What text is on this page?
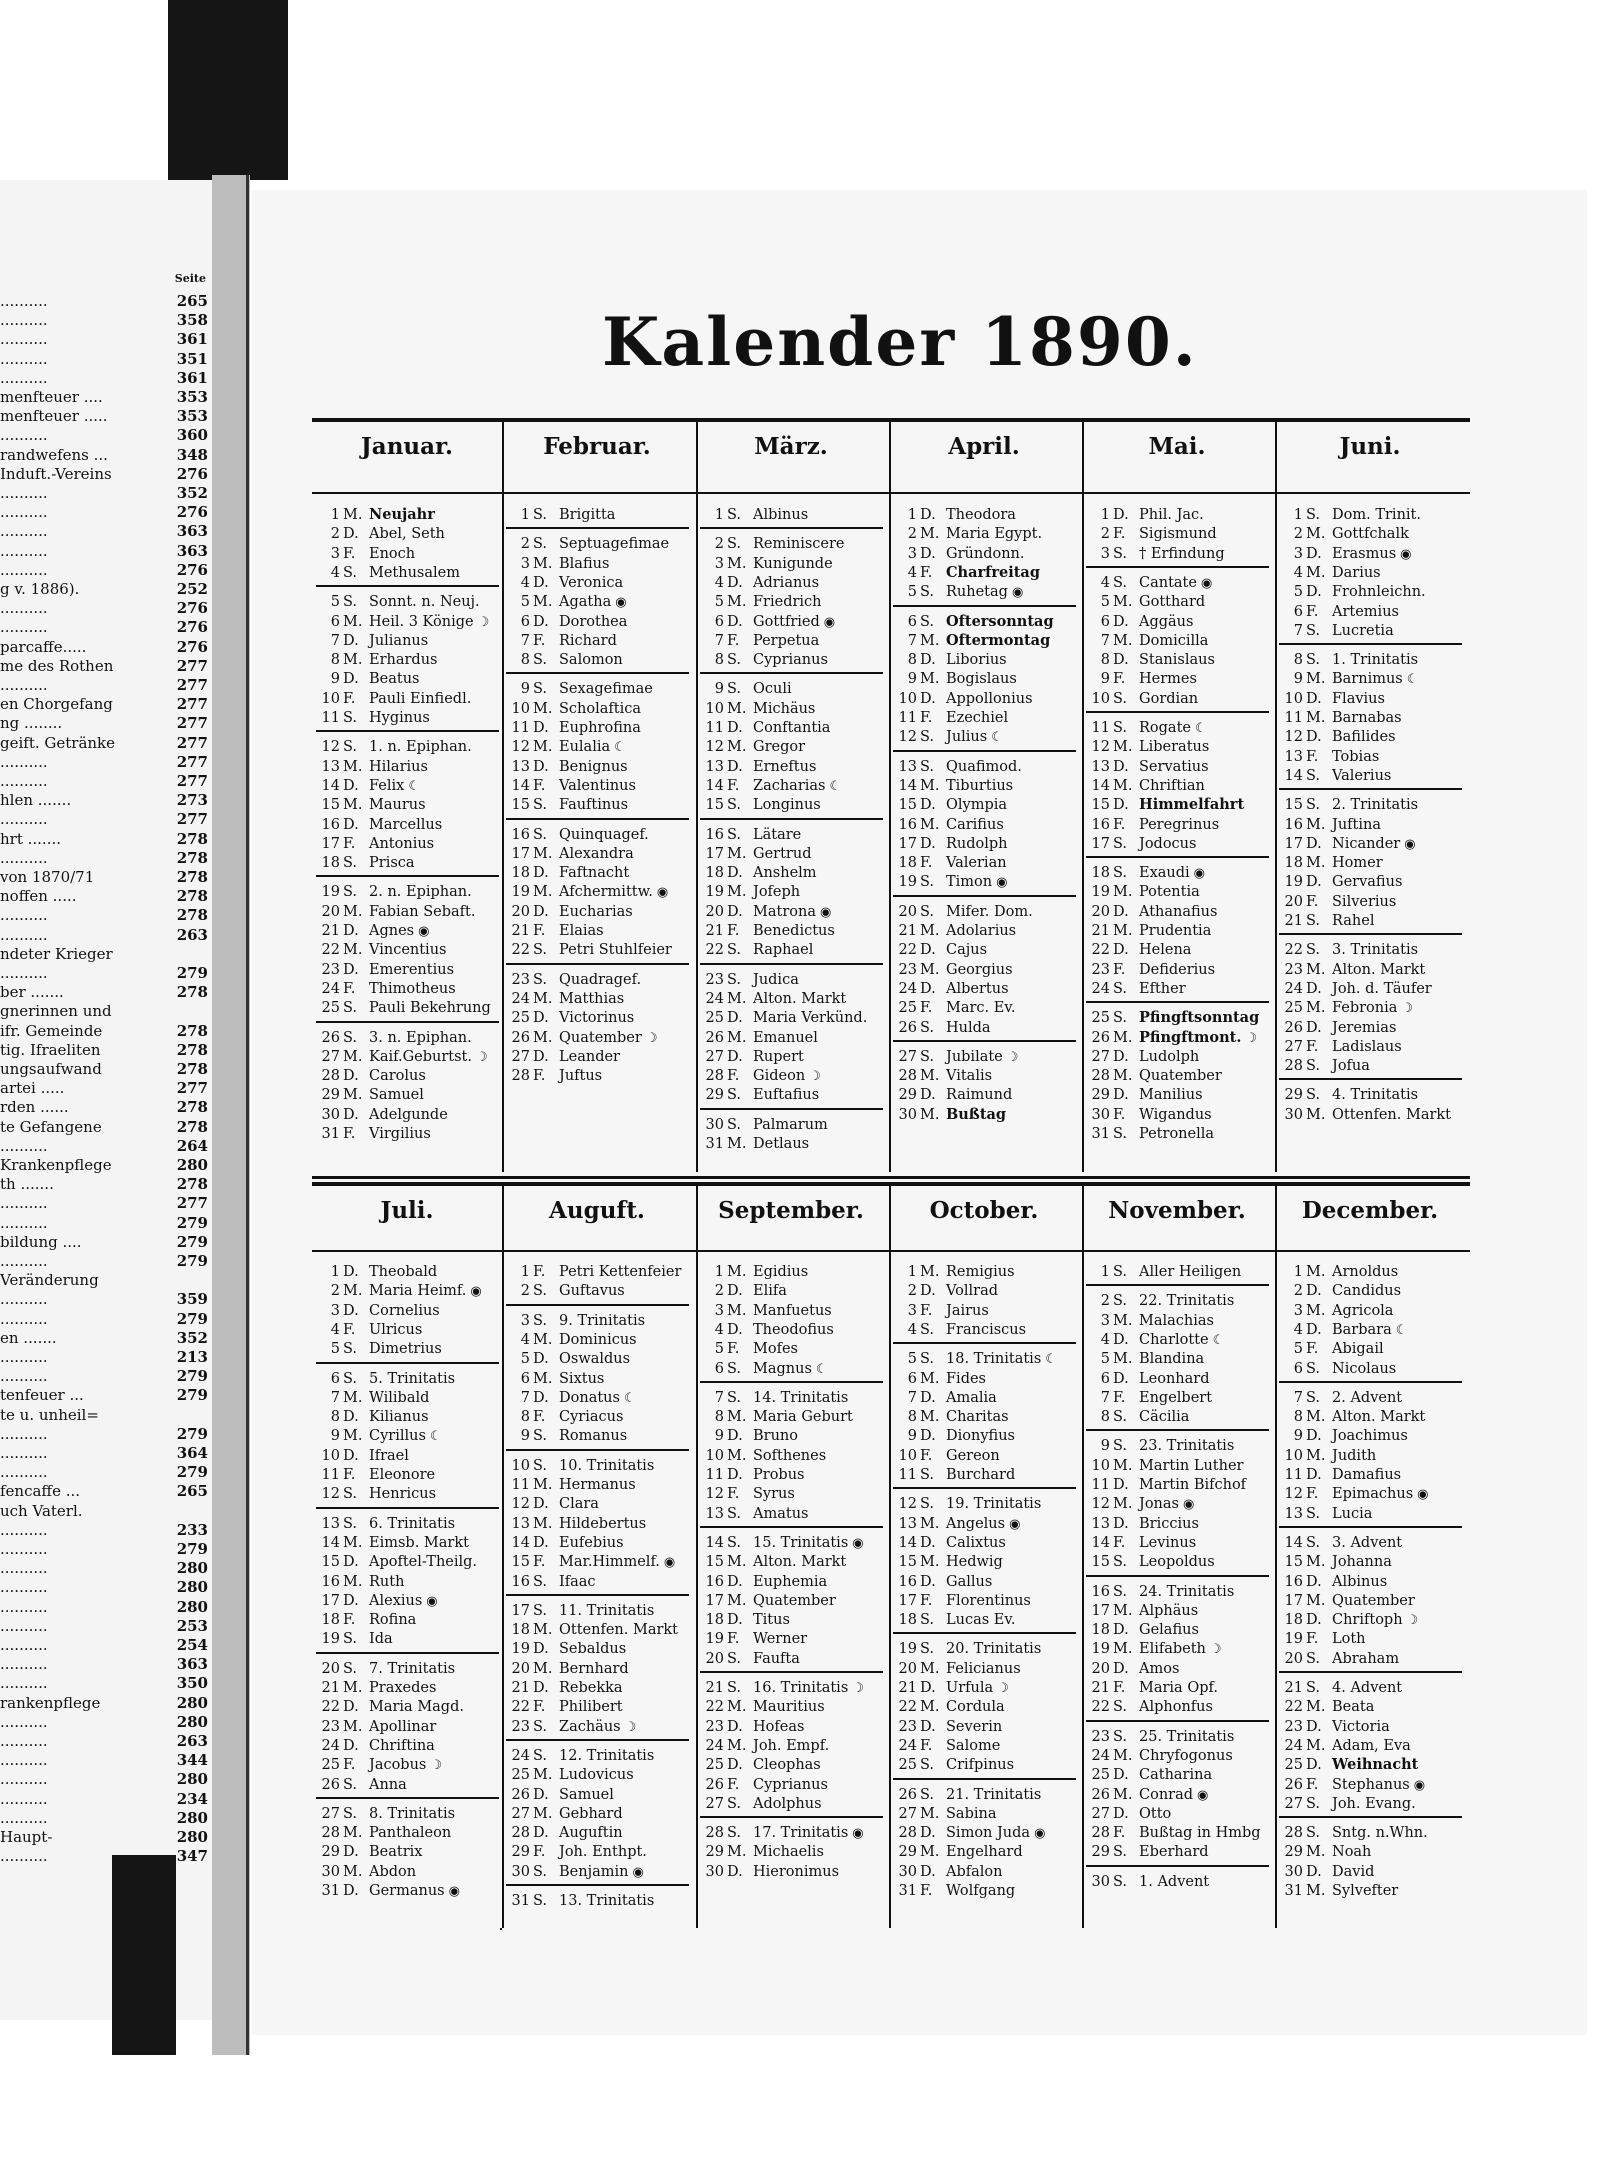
Seite
..........	265
..........	358
..........	361
..........	351
..........	361
menfteuer ....	353
menfteuer .....	353
..........	360
randwefens ...	348
Induft.-Vereins	276
..........	352
..........	276
..........	363
..........	363
..........	276
g v. 1886).	252
..........	276
..........	276
parcaffe.....	276
me des Rothen	277
..........	277
en Chorgefang	277
ng ........	277
geift. Getränke	277
..........	277
..........	277
hlen .......	273
..........	277
hrt .......	278
..........	278
von 1870/71	278
noffen .....	278
..........	278
..........	263
ndeter Krieger
..........	279
ber .......	278
gnerinnen und
ifr. Gemeinde	278
tig. Ifraeliten	278
ungsaufwand	278
artei .....	277
rden ......	278
te Gefangene	278
..........	264
Krankenpflege	280
th .......	278
..........	277
..........	279
bildung ....	279
..........	279
Veränderung
..........	359
..........	279
en .......	352
..........	213
..........	279
tenfeuer ...	279
te u. unheil=
..........	279
..........	364
..........	279
fencaffe ...	265
uch Vaterl.
..........	233
..........	279
..........	280
..........	280
..........	280
..........	253
..........	254
..........	363
..........	350
rankenpflege	280
..........	280
..........	263
..........	344
..........	280
..........	234
..........	280
Haupt-	280
..........	347
Kalender 1890.
Januar.
1 M. Neujahr
2 D. Abel, Seth
3 F. Enoch
4 S. Methusalem
5 S. Sonnt. n. Neuj.
6 M. Heil. 3 Könige ☽
7 D. Julianus
8 M. Erhardus
9 D. Beatus
10 F. Pauli Einfiedl.
11 S. Hyginus
12 S. 1. n. Epiphan.
13 M. Hilarius
14 D. Felix ☾
15 M. Maurus
16 D. Marcellus
17 F. Antonius
18 S. Prisca
19 S. 2. n. Epiphan.
20 M. Fabian Sebaft.
21 D. Agnes ◉
22 M. Vincentius
23 D. Emerentius
24 F. Thimotheus
25 S. Pauli Bekehrung
26 S. 3. n. Epiphan.
27 M. Kaif.Geburtst. ☽
28 D. Carolus
29 M. Samuel
30 D. Adelgunde
31 F. Virgilius
Februar.
1 S. Brigitta
2 S. Septuagefimae
3 M. Blafius
4 D. Veronica
5 M. Agatha ◉
6 D. Dorothea
7 F. Richard
8 S. Salomon
9 S. Sexagefimae
10 M. Scholaftica
11 D. Euphrofina
12 M. Eulalia ☾
13 D. Benignus
14 F. Valentinus
15 S. Fauftinus
16 S. Quinquagef.
17 M. Alexandra
18 D. Faftnacht
19 M. Afchermittw. ◉
20 D. Eucharias
21 F. Elaias
22 S. Petri Stuhlfeier
23 S. Quadragef.
24 M. Matthias
25 D. Victorinus
26 M. Quatember ☽
27 D. Leander
28 F. Juftus
März.
1 S. Albinus
2 S. Reminiscere
3 M. Kunigunde
4 D. Adrianus
5 M. Friedrich
6 D. Gottfried ◉
7 F. Perpetua
8 S. Cyprianus
9 S. Oculi
10 M. Michäus
11 D. Conftantia
12 M. Gregor
13 D. Erneftus
14 F. Zacharias ☾
15 S. Longinus
16 S. Lätare
17 M. Gertrud
18 D. Anshelm
19 M. Jofeph
20 D. Matrona ◉
21 F. Benedictus
22 S. Raphael
23 S. Judica
24 M. Alton. Markt
25 D. Maria Verkünd.
26 M. Emanuel
27 D. Rupert
28 F. Gideon ☽
29 S. Euftafius
30 S. Palmarum
31 M. Detlaus
April.
1 D. Theodora
2 M. Maria Egypt.
3 D. Gründonn.
4 F. Charfreitag
5 S. Ruhetag ◉
6 S. Oftersonntag
7 M. Oftermontag
8 D. Liborius
9 M. Bogislaus
10 D. Appollonius
11 F. Ezechiel
12 S. Julius ☾
13 S. Quafimod.
14 M. Tiburtius
15 D. Olympia
16 M. Carifius
17 D. Rudolph
18 F. Valerian
19 S. Timon ◉
20 S. Mifer. Dom.
21 M. Adolarius
22 D. Cajus
23 M. Georgius
24 D. Albertus
25 F. Marc. Ev.
26 S. Hulda
27 S. Jubilate ☽
28 M. Vitalis
29 D. Raimund
30 M. Bußtag
Mai.
1 D. Phil. Jac.
2 F. Sigismund
3 S. † Erfindung
4 S. Cantate ◉
5 M. Gotthard
6 D. Aggäus
7 M. Domicilla
8 D. Stanislaus
9 F. Hermes
10 S. Gordian
11 S. Rogate ☾
12 M. Liberatus
13 D. Servatius
14 M. Chriftian
15 D. Himmelfahrt
16 F. Peregrinus
17 S. Jodocus
18 S. Exaudi ◉
19 M. Potentia
20 D. Athanafius
21 M. Prudentia
22 D. Helena
23 F. Defiderius
24 S. Efther
25 S. Pfingftsonntag
26 M. Pfingftmont. ☽
27 D. Ludolph
28 M. Quatember
29 D. Manilius
30 F. Wigandus
31 S. Petronella
Juni.
1 S. Dom. Trinit.
2 M. Gottfchalk
3 D. Erasmus ◉
4 M. Darius
5 D. Frohnleichn.
6 F. Artemius
7 S. Lucretia
8 S. 1. Trinitatis
9 M. Barnimus ☾
10 D. Flavius
11 M. Barnabas
12 D. Bafilides
13 F. Tobias
14 S. Valerius
15 S. 2. Trinitatis
16 M. Juftina
17 D. Nicander ◉
18 M. Homer
19 D. Gervafius
20 F. Silverius
21 S. Rahel
22 S. 3. Trinitatis
23 M. Alton. Markt
24 D. Joh. d. Täufer
25 M. Febronia ☽
26 D. Jeremias
27 F. Ladislaus
28 S. Jofua
29 S. 4. Trinitatis
30 M. Ottenfen. Markt
Juli.
1 D. Theobald
2 M. Maria Heimf. ◉
3 D. Cornelius
4 F. Ulricus
5 S. Dimetrius
6 S. 5. Trinitatis
7 M. Wilibald
8 D. Kilianus
9 M. Cyrillus ☾
10 D. Ifrael
11 F. Eleonore
12 S. Henricus
13 S. 6. Trinitatis
14 M. Eimsb. Markt
15 D. Apoftel-Theilg.
16 M. Ruth
17 D. Alexius ◉
18 F. Rofina
19 S. Ida
20 S. 7. Trinitatis
21 M. Praxedes
22 D. Maria Magd.
23 M. Apollinar
24 D. Chriftina
25 F. Jacobus ☽
26 S. Anna
27 S. 8. Trinitatis
28 M. Panthaleon
29 D. Beatrix
30 M. Abdon
31 D. Germanus ◉
Auguft.
1 F. Petri Kettenfeier
2 S. Guftavus
3 S. 9. Trinitatis
4 M. Dominicus
5 D. Oswaldus
6 M. Sixtus
7 D. Donatus ☾
8 F. Cyriacus
9 S. Romanus
10 S. 10. Trinitatis
11 M. Hermanus
12 D. Clara
13 M. Hildebertus
14 D. Eufebius
15 F. Mar.Himmelf. ◉
16 S. Ifaac
17 S. 11. Trinitatis
18 M. Ottenfen. Markt
19 D. Sebaldus
20 M. Bernhard
21 D. Rebekka
22 F. Philibert
23 S. Zachäus ☽
24 S. 12. Trinitatis
25 M. Ludovicus
26 D. Samuel
27 M. Gebhard
28 D. Auguftin
29 F. Joh. Enthpt.
30 S. Benjamin ◉
31 S. 13. Trinitatis
September.
1 M. Egidius
2 D. Elifa
3 M. Manfuetus
4 D. Theodofius
5 F. Mofes
6 S. Magnus ☾
7 S. 14. Trinitatis
8 M. Maria Geburt
9 D. Bruno
10 M. Softhenes
11 D. Probus
12 F. Syrus
13 S. Amatus
14 S. 15. Trinitatis ◉
15 M. Alton. Markt
16 D. Euphemia
17 M. Quatember
18 D. Titus
19 F. Werner
20 S. Faufta
21 S. 16. Trinitatis ☽
22 M. Mauritius
23 D. Hofeas
24 M. Joh. Empf.
25 D. Cleophas
26 F. Cyprianus
27 S. Adolphus
28 S. 17. Trinitatis ◉
29 M. Michaelis
30 D. Hieronimus
October.
1 M. Remigius
2 D. Vollrad
3 F. Jairus
4 S. Franciscus
5 S. 18. Trinitatis ☾
6 M. Fides
7 D. Amalia
8 M. Charitas
9 D. Dionyfius
10 F. Gereon
11 S. Burchard
12 S. 19. Trinitatis
13 M. Angelus ◉
14 D. Calixtus
15 M. Hedwig
16 D. Gallus
17 F. Florentinus
18 S. Lucas Ev.
19 S. 20. Trinitatis
20 M. Felicianus
21 D. Urfula ☽
22 M. Cordula
23 D. Severin
24 F. Salome
25 S. Crifpinus
26 S. 21. Trinitatis
27 M. Sabina
28 D. Simon Juda ◉
29 M. Engelhard
30 D. Abfalon
31 F. Wolfgang
November.
1 S. Aller Heiligen
2 S. 22. Trinitatis
3 M. Malachias
4 D. Charlotte ☾
5 M. Blandina
6 D. Leonhard
7 F. Engelbert
8 S. Cäcilia
9 S. 23. Trinitatis
10 M. Martin Luther
11 D. Martin Bifchof
12 M. Jonas ◉
13 D. Briccius
14 F. Levinus
15 S. Leopoldus
16 S. 24. Trinitatis
17 M. Alphäus
18 D. Gelafius
19 M. Elifabeth ☽
20 D. Amos
21 F. Maria Opf.
22 S. Alphonfus
23 S. 25. Trinitatis
24 M. Chryfogonus
25 D. Catharina
26 M. Conrad ◉
27 D. Otto
28 F. Bußtag in Hmbg
29 S. Eberhard
30 S. 1. Advent
December.
1 M. Arnoldus
2 D. Candidus
3 M. Agricola
4 D. Barbara ☾
5 F. Abigail
6 S. Nicolaus
7 S. 2. Advent
8 M. Alton. Markt
9 D. Joachimus
10 M. Judith
11 D. Damafius
12 F. Epimachus ◉
13 S. Lucia
14 S. 3. Advent
15 M. Johanna
16 D. Albinus
17 M. Quatember
18 D. Chriftoph ☽
19 F. Loth
20 S. Abraham
21 S. 4. Advent
22 M. Beata
23 D. Victoria
24 M. Adam, Eva
25 D. Weihnacht
26 F. Stephanus ◉
27 S. Joh. Evang.
28 S. Sntg. n.Whn.
29 M. Noah
30 D. David
31 M. Sylvefter
